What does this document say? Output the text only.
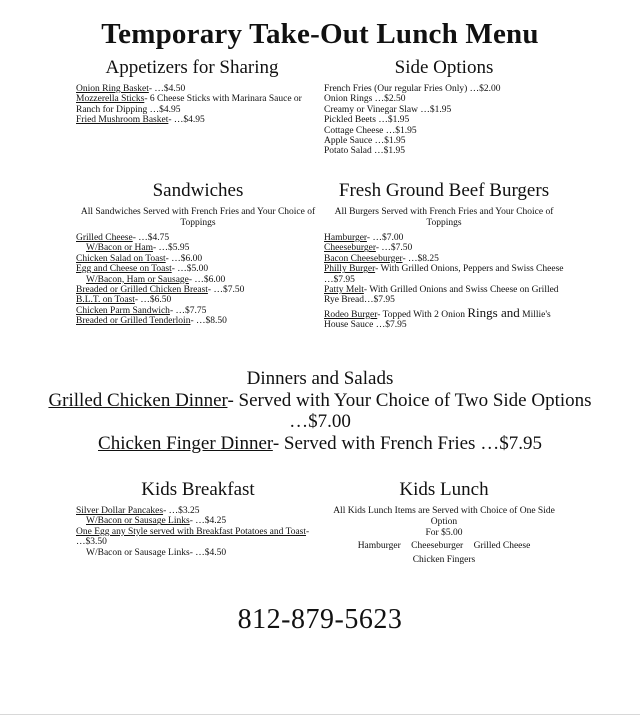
Temporary Take-Out Lunch Menu
Appetizers for Sharing
Onion Ring Basket- …$4.50
Mozzerella Sticks- 6 Cheese Sticks with Marinara Sauce or Ranch for Dipping …$4.95
Fried Mushroom Basket- …$4.95
Side Options
French Fries (Our regular Fries Only) …$2.00
Onion Rings …$2.50
Creamy or Vinegar Slaw …$1.95
Pickled Beets …$1.95
Cottage Cheese …$1.95
Apple Sauce …$1.95
Potato Salad …$1.95
Sandwiches
All Sandwiches Served with French Fries and Your Choice of Toppings
Grilled Cheese- …$4.75
W/Bacon or Ham- …$5.95
Chicken Salad on Toast- …$6.00
Egg and Cheese on Toast- …$5.00
W/Bacon, Ham or Sausage- …$6.00
Breaded or Grilled Chicken Breast- …$7.50
B.L.T. on Toast- …$6.50
Chicken Parm Sandwich- …$7.75
Breaded or Grilled Tenderloin- …$8.50
Fresh Ground Beef Burgers
All Burgers Served with French Fries and Your Choice of Toppings
Hamburger- …$7.00
Cheeseburger- …$7.50
Bacon Cheeseburger- …$8.25
Philly Burger- With Grilled Onions, Peppers and Swiss Cheese …$7.95
Patty Melt- With Grilled Onions and Swiss Cheese on Grilled Rye Bread…$7.95
Rodeo Burger- Topped With 2 Onion Rings and Millie's House Sauce …$7.95
Dinners and Salads
Grilled Chicken Dinner- Served with Your Choice of Two Side Options …$7.00
Chicken Finger Dinner- Served with French Fries …$7.95
Kids Breakfast
Silver Dollar Pancakes- …$3.25
W/Bacon or Sausage Links- …$4.25
One Egg any Style served with Breakfast Potatoes and Toast- …$3.50
W/Bacon or Sausage Links- …$4.50
Kids Lunch
All Kids Lunch Items are Served with Choice of One Side Option
For $5.00
Hamburger Cheeseburger Grilled Cheese
Chicken Fingers
812-879-5623
